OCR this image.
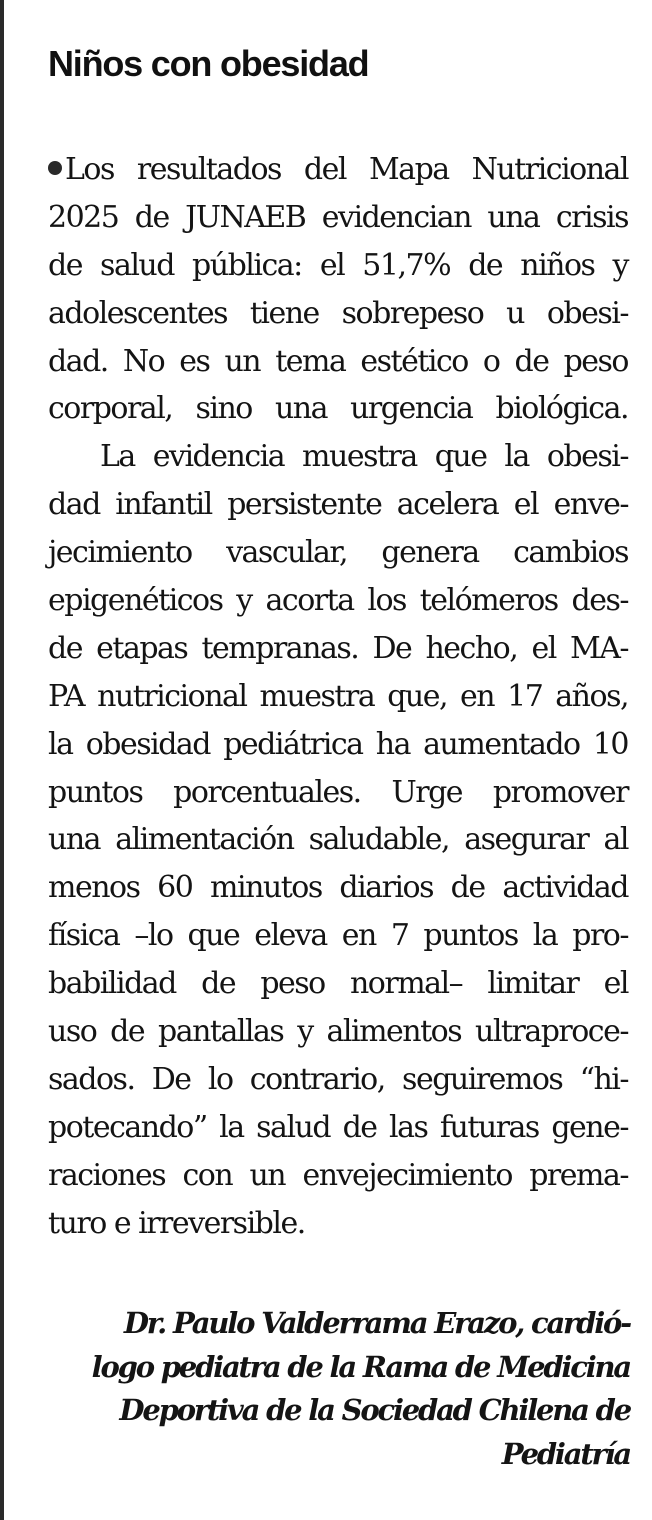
Niños con obesidad
Los resultados del Mapa Nutricional
2025 de JUNAEB evidencian una crisis
de salud pública: el 51,7% de niños y
adolescentes tiene sobrepeso u obesi-
dad. No es un tema estético o de peso
corporal, sino una urgencia biológica.
La evidencia muestra que la obesi-
dad infantil persistente acelera el enve-
jecimiento vascular, genera cambios
epigenéticos y acorta los telómeros des-
de etapas tempranas. De hecho, el MA-
PA nutricional muestra que, en 17 años,
la obesidad pediátrica ha aumentado 10
puntos porcentuales. Urge promover
una alimentación saludable, asegurar al
menos 60 minutos diarios de actividad
física –lo que eleva en 7 puntos la pro-
babilidad de peso normal– limitar el
uso de pantallas y alimentos ultraproce-
sados. De lo contrario, seguiremos “hi-
potecando” la salud de las futuras gene-
raciones con un envejecimiento prema-
turo e irreversible.
Dr. Paulo Valderrama Erazo, cardió-
logo pediatra de la Rama de Medicina
Deportiva de la Sociedad Chilena de
Pediatría
